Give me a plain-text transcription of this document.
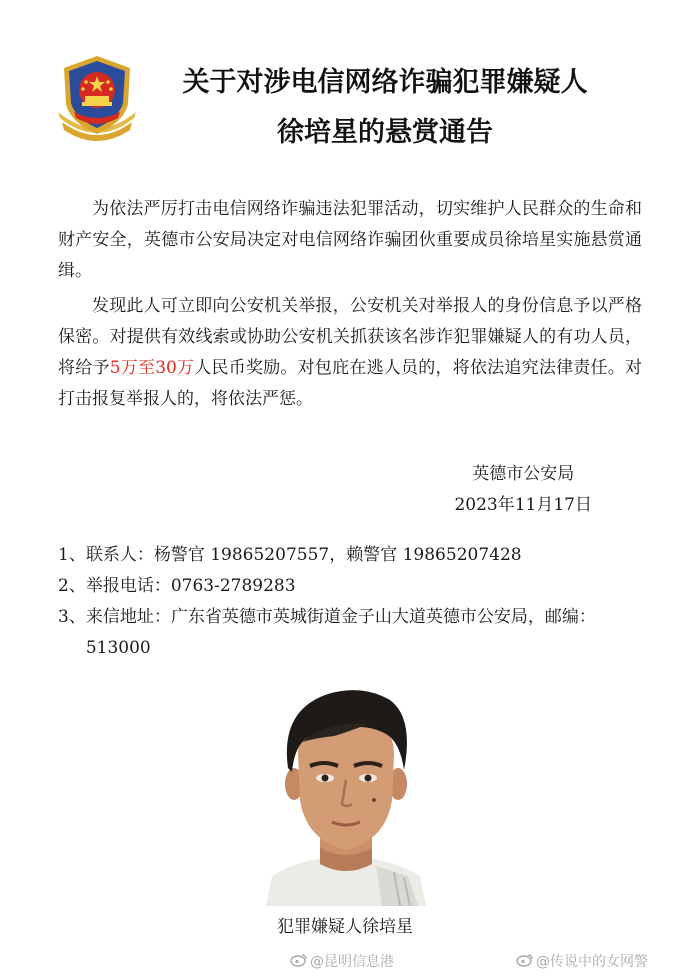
关于对涉电信网络诈骗犯罪嫌疑人
徐培星的悬赏通告

为依法严厉打击电信网络诈骗违法犯罪活动，切实维护人民群众的生命和财产安全，英德市公安局决定对电信网络诈骗团伙重要成员徐培星实施悬赏通缉。

发现此人可立即向公安机关举报，公安机关对举报人的身份信息予以严格保密。对提供有效线索或协助公安机关抓获该名涉诈犯罪嫌疑人的有功人员，将给予5万至30万人民币奖励。对包庇在逃人员的，将依法追究法律责任。对打击报复举报人的，将依法严惩。

英德市公安局
2023年11月17日
1、 联系人：杨警官 19865207557，赖警官 19865207428
2、 举报电话：0763-2789283
3、 来信地址：广东省英德市英城街道金子山大道英德市公安局，邮编：513000
犯罪嫌疑人徐培星
@昆明信息港	@传说中的女网警
